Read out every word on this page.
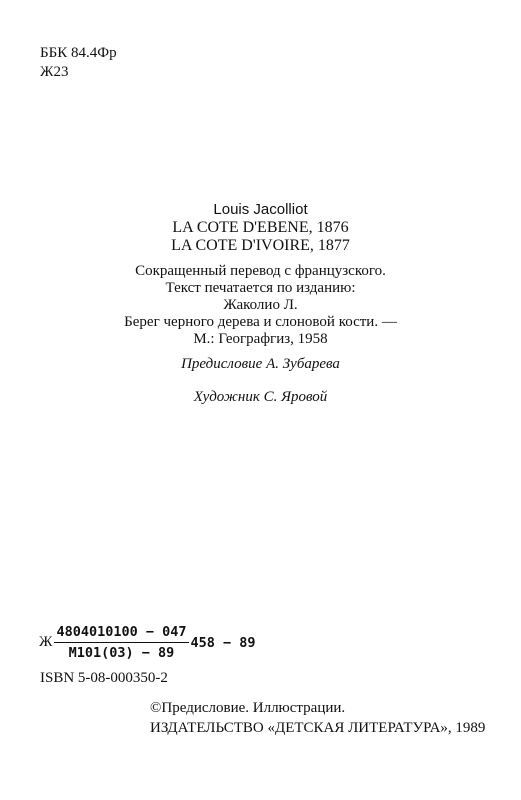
ББК 84.4Фр
Ж23
Louis Jacolliot
LA COTE D'EBENE, 1876
LA COTE D'IVOIRE, 1877
Сокращенный перевод с французского.
Текст печатается по изданию:
Жаколио Л.
Берег черного дерева и слоновой кости. —
М.: Географгиз, 1958
Предисловие А. Зубарева
Художник С. Яровой
Ж $\frac{4804010100 - 047}{М101(03) - 89} 458 - 89$
ISBN 5-08-000350-2
©Предисловие. Иллюстрации.
ИЗДАТЕЛЬСТВО «ДЕТСКАЯ ЛИТЕРАТУРА», 1989
